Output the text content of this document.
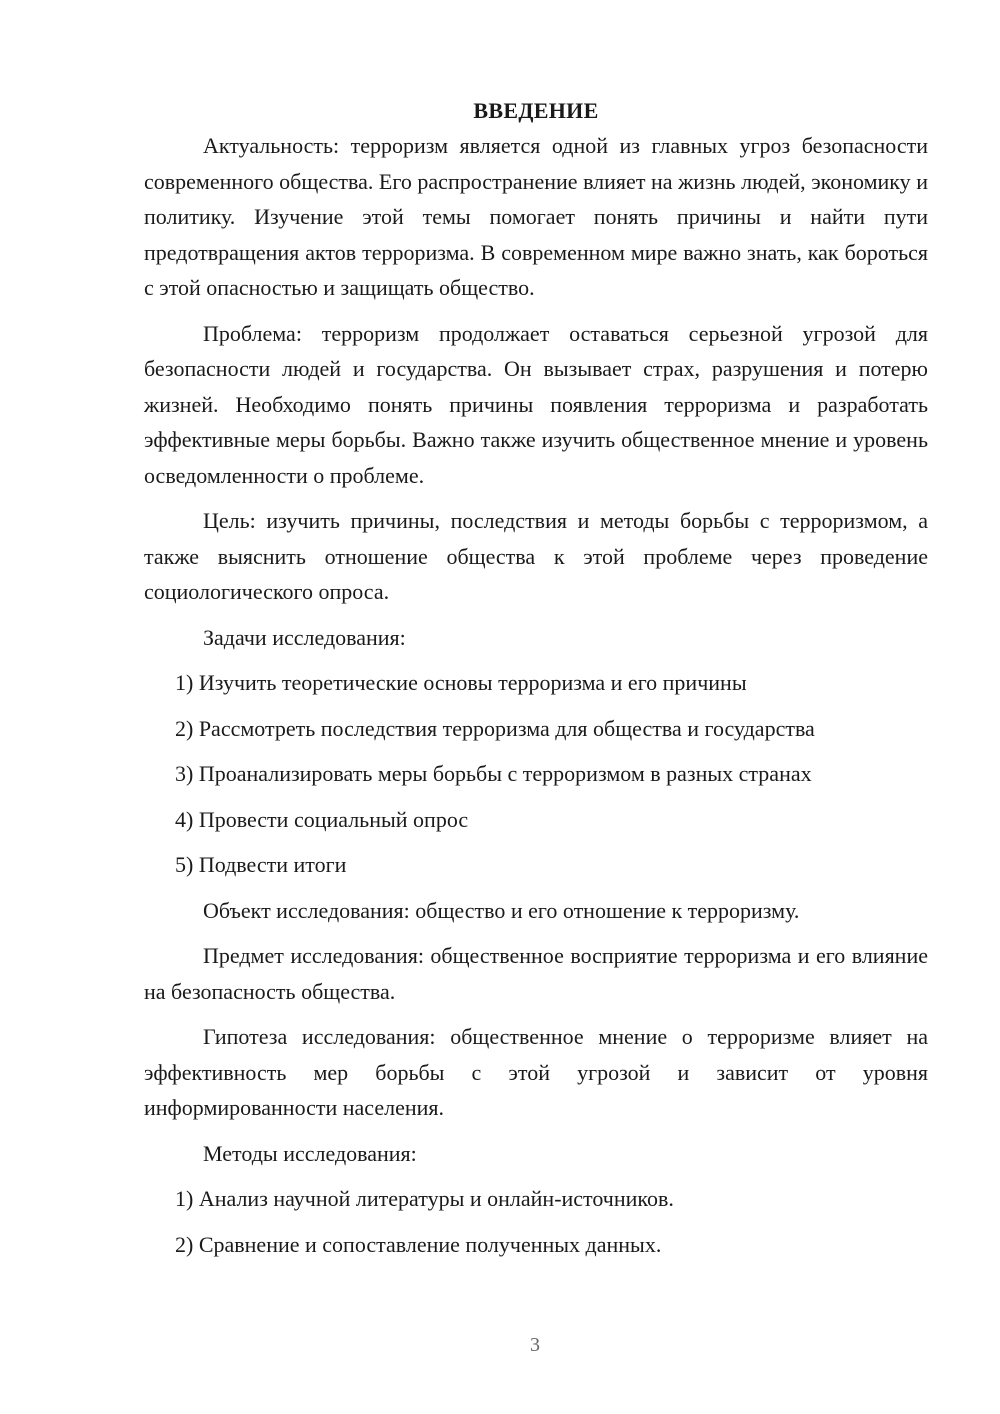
ВВЕДЕНИЕ

Актуальность: терроризм является одной из главных угроз безопасности современного общества. Его распространение влияет на жизнь людей, экономику и политику. Изучение этой темы помогает понять причины и найти пути предотвращения актов терроризма. В современном мире важно знать, как бороться с этой опасностью и защищать общество.

Проблема: терроризм продолжает оставаться серьезной угрозой для безопасности людей и государства. Он вызывает страх, разрушения и потерю жизней. Необходимо понять причины появления терроризма и разработать эффективные меры борьбы. Важно также изучить общественное мнение и уровень осведомленности о проблеме.

Цель: изучить причины, последствия и методы борьбы с терроризмом, а также выяснить отношение общества к этой проблеме через проведение социологического опроса.

Задачи исследования:

1) Изучить теоретические основы терроризма и его причины
2) Рассмотреть последствия терроризма для общества и государства
3) Проанализировать меры борьбы с терроризмом в разных странах
4) Провести социальный опрос
5) Подвести итоги

Объект исследования: общество и его отношение к терроризму.

Предмет исследования: общественное восприятие терроризма и его влияние на безопасность общества.

Гипотеза исследования: общественное мнение о терроризме влияет на эффективность мер борьбы с этой угрозой и зависит от уровня информированности населения.

Методы исследования:

1) Анализ научной литературы и онлайн-источников.
2) Сравнение и сопоставление полученных данных.
3
